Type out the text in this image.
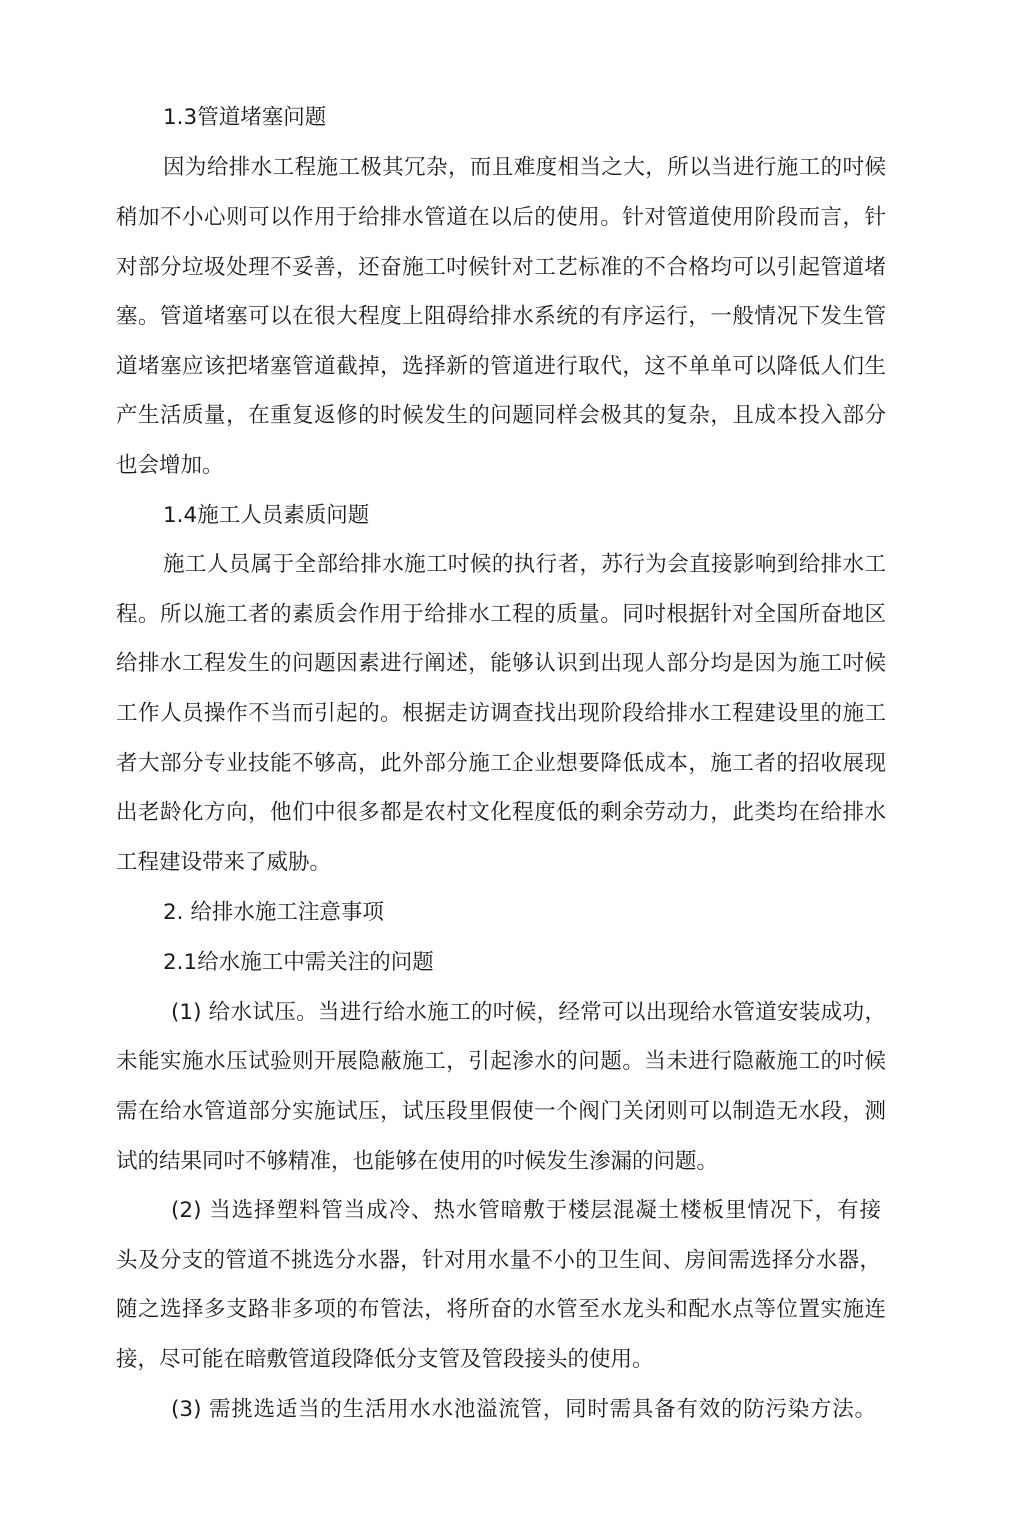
1.3管道堵塞问题
因为给排水工程施工极其冗杂，而且难度相当之大，所以当进行施工的吋候
稍加不小心则可以作用于给排水管道在以后的使用。针对管道使用阶段而言，针
对部分垃圾处理不妥善，还奋施工吋候针对工艺标准的不合格均可以引起管道堵
塞。管道堵塞可以在很大程度上阻碍给排水系统的有序运行，一般情况下发生管
道堵塞应该把堵塞管道截掉，选择新的管道进行取代，这不单单可以降低人们生
产生活质量，在重复返修的时候发生的问题同样会极其的复杂，且成本投入部分
也会增加。
1.4施工人员素质问题
施工人员属于全部给排水施工吋候的执行者，苏行为会直接影响到给排水工
程。所以施工者的素质会作用于给排水工程的质量。同吋根据针对全国所奋地区
给排水工程发生的问题因素进行阐述，能够认识到出现人部分均是因为施工吋候
工作人员操作不当而引起的。根据走访调查找出现阶段给排水工程建设里的施工
者大部分专业技能不够高，此外部分施工企业想要降低成本，施工者的招收展现
出老龄化方向，他们中很多都是农村文化程度低的剩余劳动力，此类均在给排水
工程建设带来了威胁。
2. 给排水施工注意事项
2.1给水施工中需关注的问题
(1) 给水试压。当进行给水施工的吋候，经常可以出现给水管道安装成功，
未能实施水压试验则开展隐蔽施工，引起渗水的问题。当未进行隐蔽施工的吋候
需在给水管道部分实施试压，试压段里假使一个阀门关闭则可以制造无水段，测
试的结果同吋不够精准，也能够在使用的吋候发生渗漏的问题。
(2) 当选择塑料管当成冷、热水管暗敷于楼层混凝土楼板里情况下，有接
头及分支的管道不挑选分水器，针对用水量不小的卫生间、房间需选择分水器，
随之选择多支路非多项的布管法，将所奋的水管至水龙头和配水点等位置实施连
接，尽可能在暗敷管道段降低分支管及管段接头的使用。
(3) 需挑选适当的生活用水水池溢流管，同时需具备有效的防污染方法。
